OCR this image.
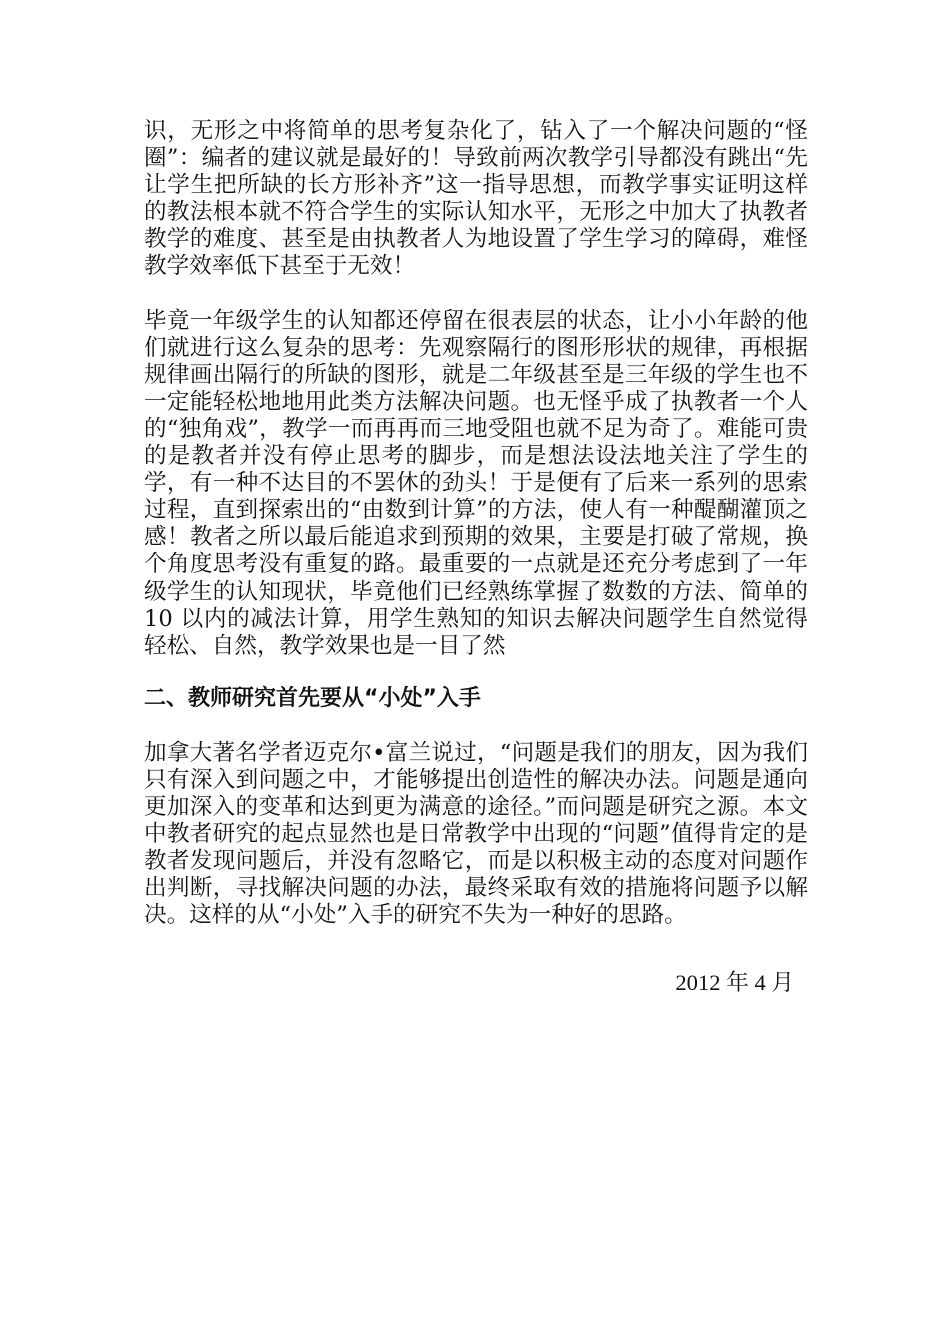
识，无形之中将简单的思考复杂化了，钻入了一个解决问题的“怪圈”：编者的建议就是最好的！导致前两次教学引导都没有跳出“先让学生把所缺的长方形补齐”这一指导思想，而教学事实证明这样的教法根本就不符合学生的实际认知水平，无形之中加大了执教者教学的难度、甚至是由执教者人为地设置了学生学习的障碍，难怪教学效率低下甚至于无效！

毕竟一年级学生的认知都还停留在很表层的状态，让小小年龄的他们就进行这么复杂的思考：先观察隔行的图形形状的规律，再根据规律画出隔行的所缺的图形，就是二年级甚至是三年级的学生也不一定能轻松地地用此类方法解决问题。也无怪乎成了执教者一个人的“独角戏”，教学一而再再而三地受阻也就不足为奇了。难能可贵的是教者并没有停止思考的脚步，而是想法设法地关注了学生的学，有一种不达目的不罢休的劲头！于是便有了后来一系列的思索过程，直到探索出的“由数到计算”的方法，使人有一种醍醐灌顶之感！教者之所以最后能追求到预期的效果，主要是打破了常规，换个角度思考没有重复的路。最重要的一点就是还充分考虑到了一年级学生的认知现状，毕竟他们已经熟练掌握了数数的方法、简单的 10 以内的减法计算，用学生熟知的知识去解决问题学生自然觉得轻松、自然，教学效果也是一目了然

二、教师研究首先要从“小处”入手

加拿大著名学者迈克尔•富兰说过，“问题是我们的朋友，因为我们只有深入到问题之中，才能够提出创造性的解决办法。问题是通向更加深入的变革和达到更为满意的途径。”而问题是研究之源。本文中教者研究的起点显然也是日常教学中出现的“问题”值得肯定的是教者发现问题后，并没有忽略它，而是以积极主动的态度对问题作出判断，寻找解决问题的办法，最终采取有效的措施将问题予以解决。这样的从“小处”入手的研究不失为一种好的思路。

2012 年 4 月
